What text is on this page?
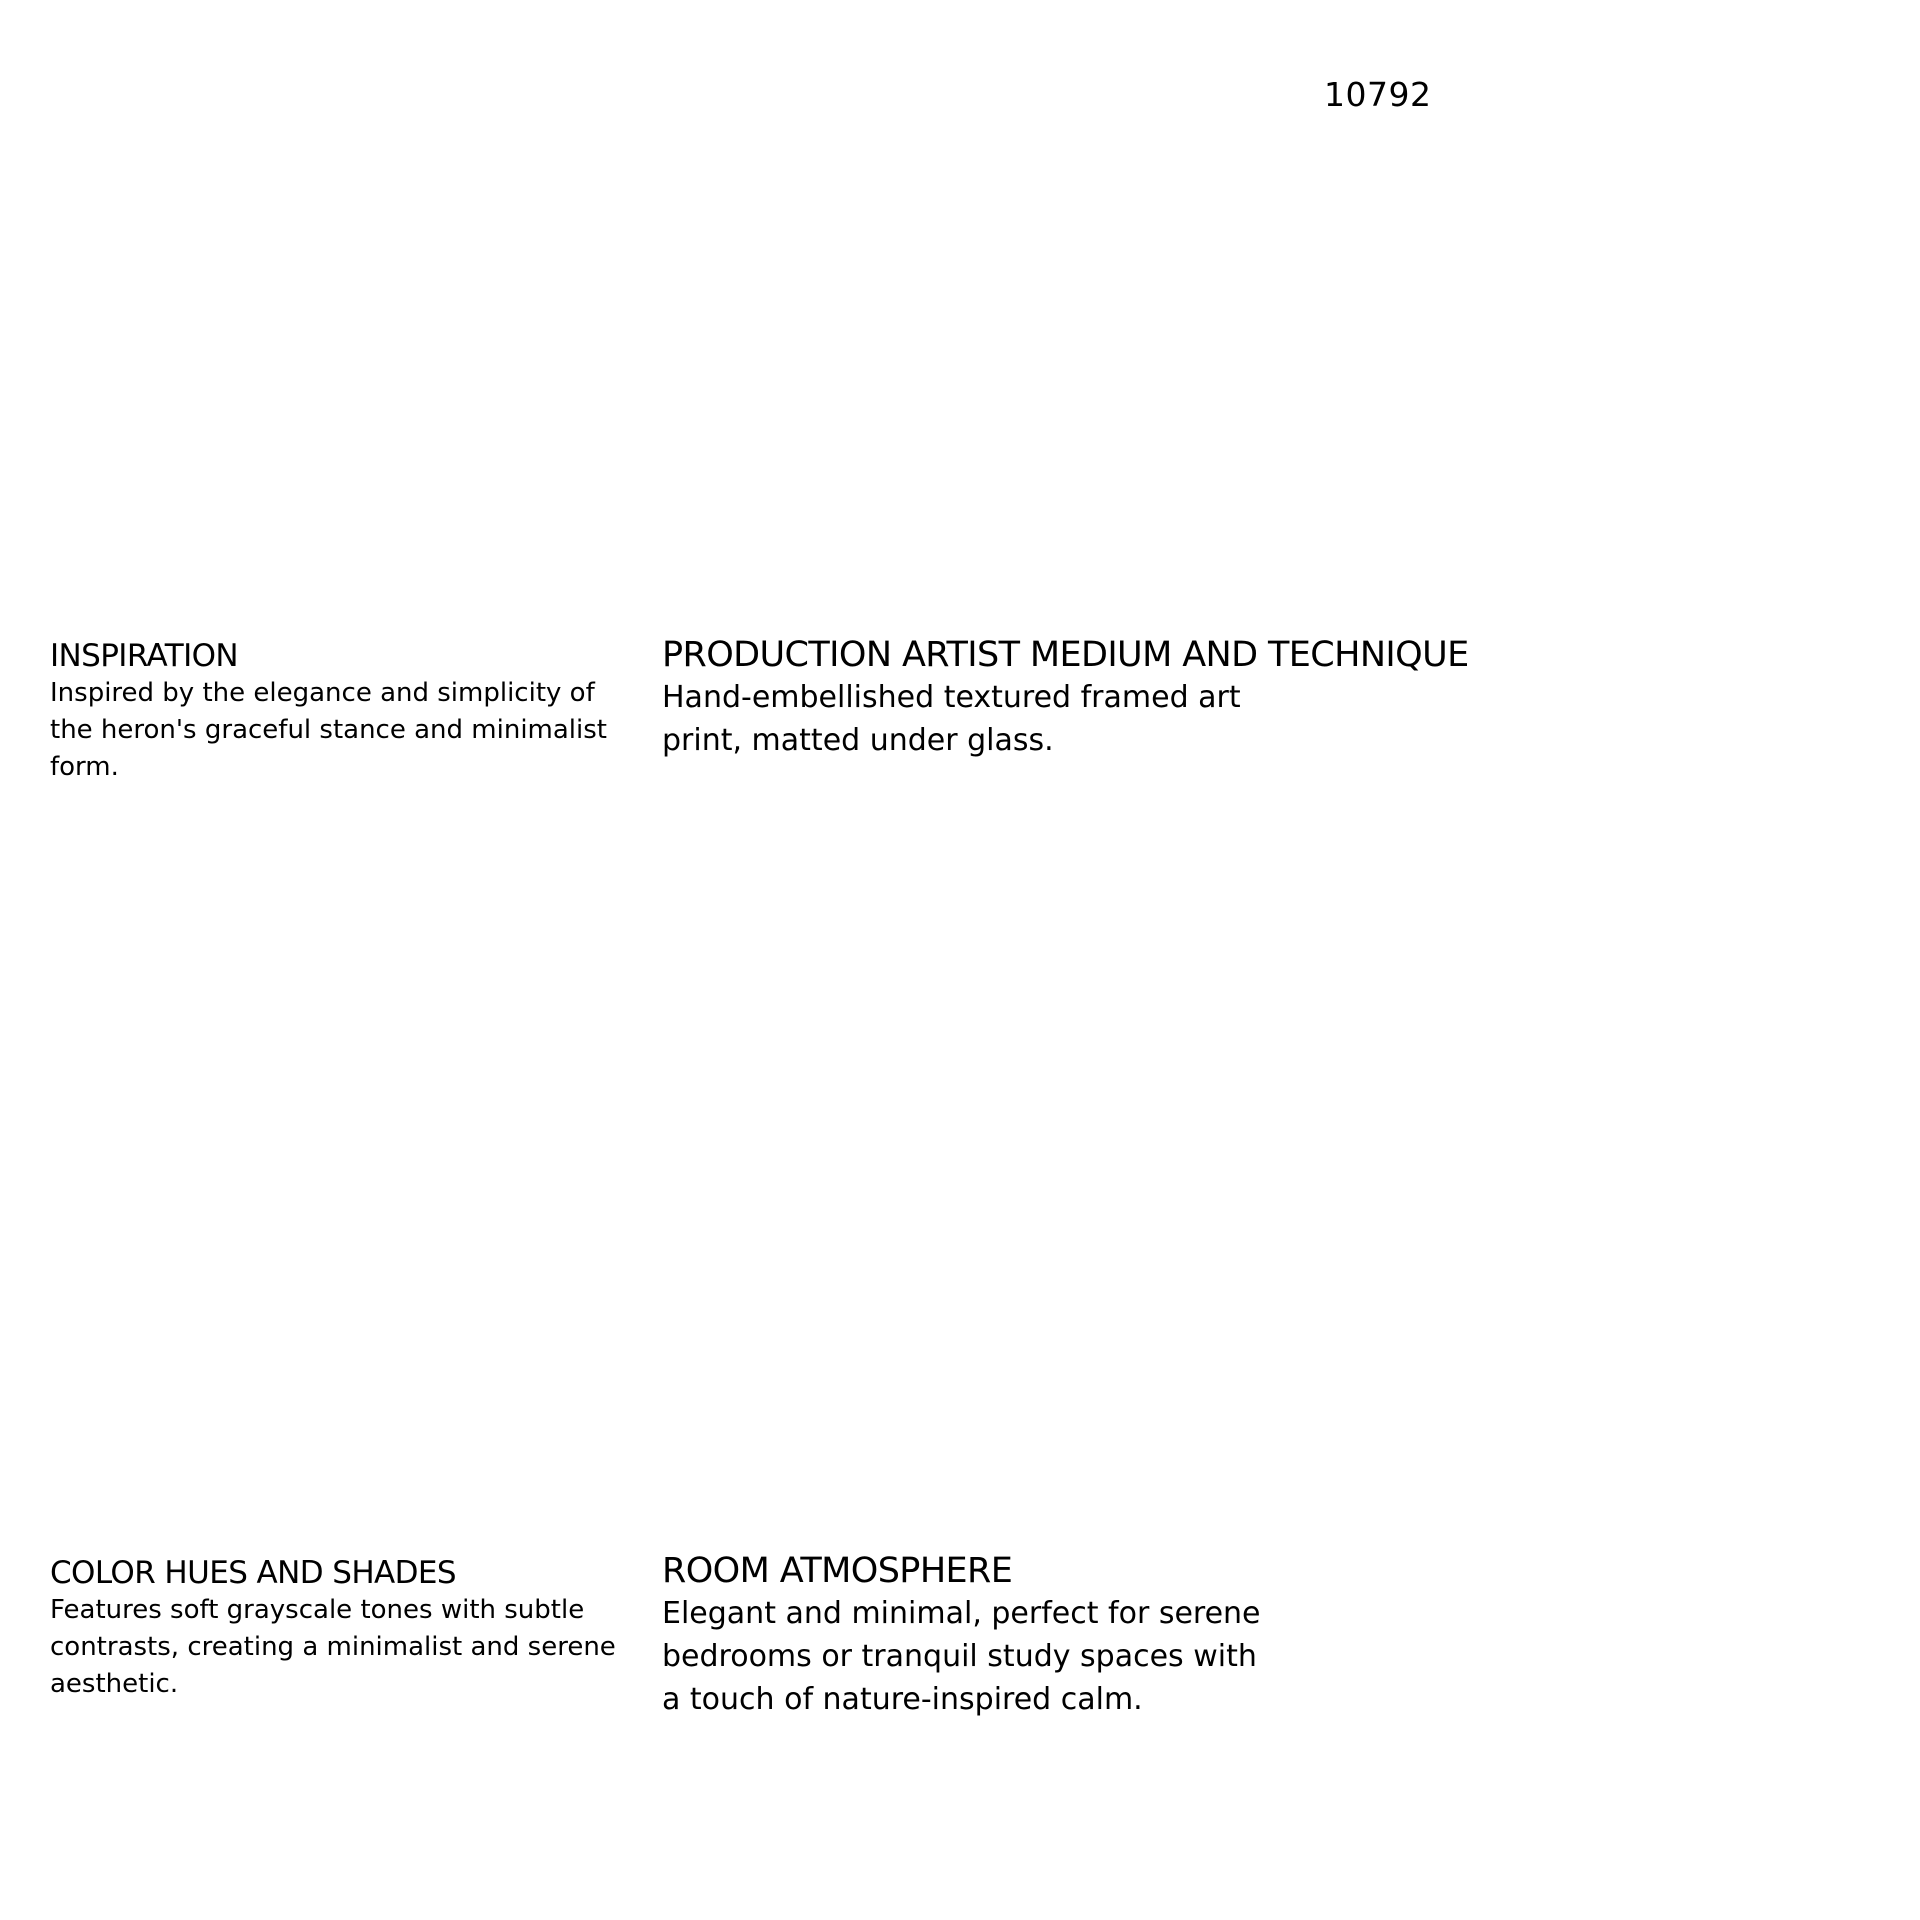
10792
INSPIRATION

Inspired by the elegance and simplicity of the heron's graceful stance and minimalist form.

PRODUCTION ARTIST MEDIUM AND TECHNIQUE

Hand-embellished textured framed art print, matted under glass.

COLOR HUES AND SHADES

Features soft grayscale tones with subtle contrasts, creating a minimalist and serene aesthetic.

ROOM ATMOSPHERE

Elegant and minimal, perfect for serene bedrooms or tranquil study spaces with a touch of nature-inspired calm.
